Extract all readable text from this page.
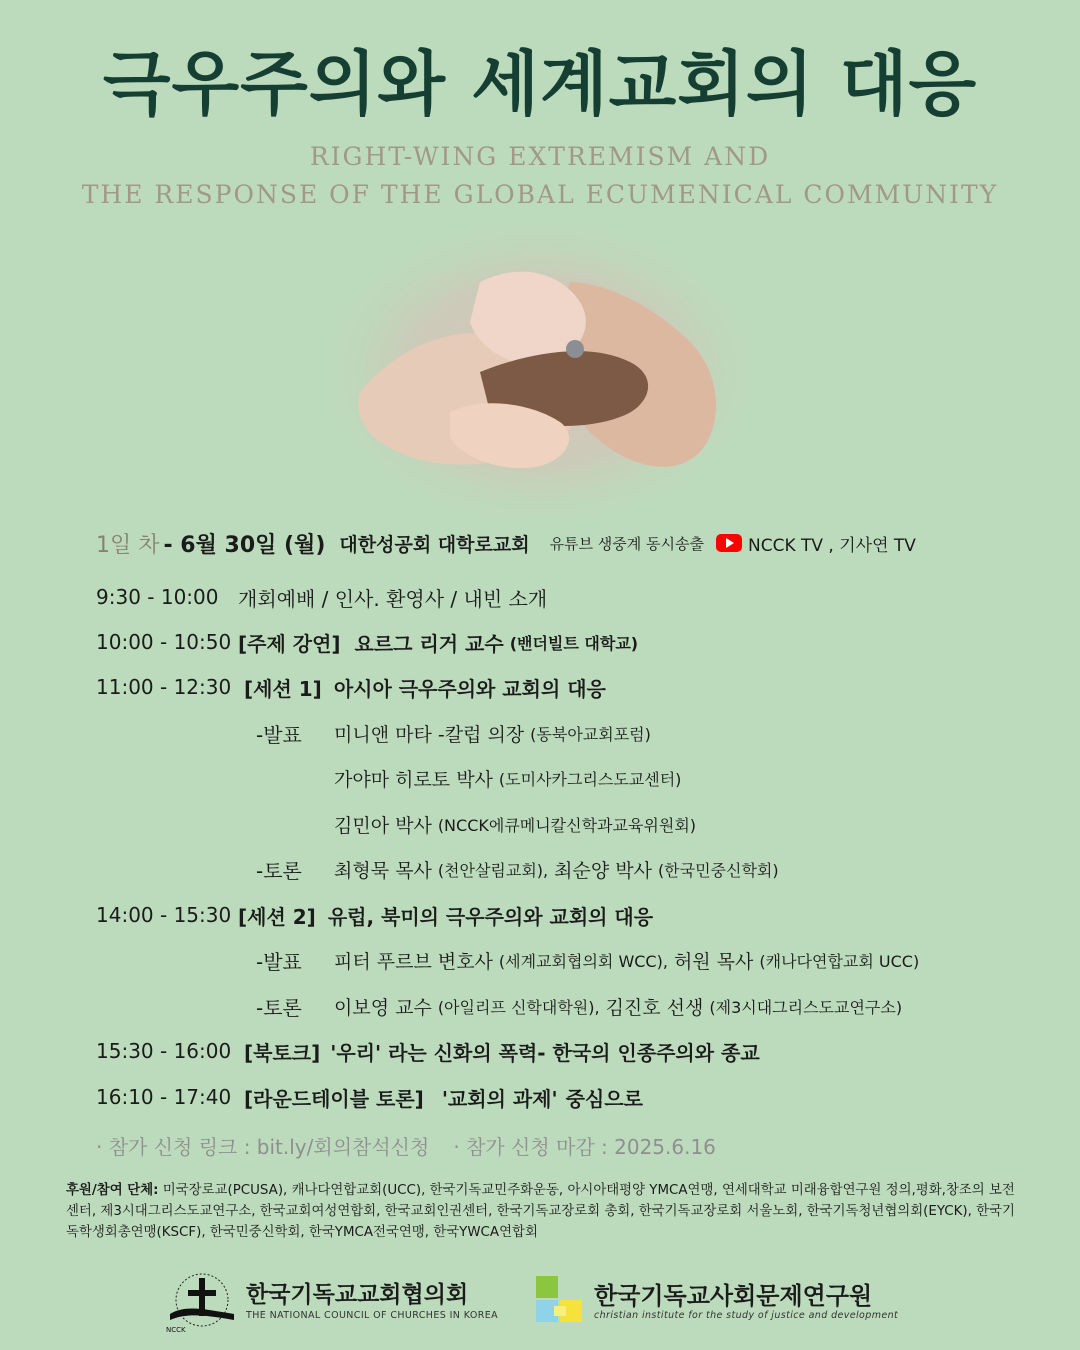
극우주의와 세계교회의 대응
RIGHT-WING EXTREMISM AND
THE RESPONSE OF THE GLOBAL ECUMENICAL COMMUNITY
1일 차 - 6월 30일 (월) 대한성공회 대학로교회 유튜브 생중계 동시송출	NCCK TV , 기사연 TV
9:30 - 10:00 개회예배 / 인사. 환영사 / 내빈 소개
10:00 - 10:50 [주제 강연] 요르그 리거 교수 (밴더빌트 대학교)
11:00 - 12:30 [세션 1] 아시아 극우주의와 교회의 대응
-발표	미니앤 마타 -칼럽 의장 (동북아교회포럼)
가야마 히로토 박사 (도미사카그리스도교센터)
김민아 박사 (NCCK에큐메니칼신학과교육위원회)
-토론	최형묵 목사 (천안살림교회), 최순양 박사 (한국민중신학회)
14:00 - 15:30 [세션 2] 유럽, 북미의 극우주의와 교회의 대응
-발표	피터 푸르브 변호사 (세계교회협의회 WCC), 허원 목사 (캐나다연합교회 UCC)
-토론	이보영 교수 (아일리프 신학대학원), 김진호 선생 (제3시대그리스도교연구소)
15:30 - 16:00 [북토크] '우리' 라는 신화의 폭력- 한국의 인종주의와 종교
16:10 - 17:40 [라운드테이블 토론] '교회의 과제' 중심으로
· 참가 신청 링크 : bit.ly/회의참석신청 · 참가 신청 마감 : 2025.6.16
후원/참여 단체: 미국장로교(PCUSA), 캐나다연합교회(UCC), 한국기독교민주화운동, 아시아태평양 YMCA연맹, 연세대학교 미래융합연구원 정의,평화,창조의 보전 센터, 제3시대그리스도교연구소, 한국교회여성연합회, 한국교회인권센터, 한국기독교장로회 총회, 한국기독교장로회 서울노회, 한국기독청년협의회(EYCK), 한국기독학생회총연맹(KSCF), 한국민중신학회, 한국YMCA전국연맹, 한국YWCA연합회
NCCK
한국기독교교회협의회
THE NATIONAL COUNCIL OF CHURCHES IN KOREA
한국기독교사회문제연구원
christian institute for the study of justice and development
